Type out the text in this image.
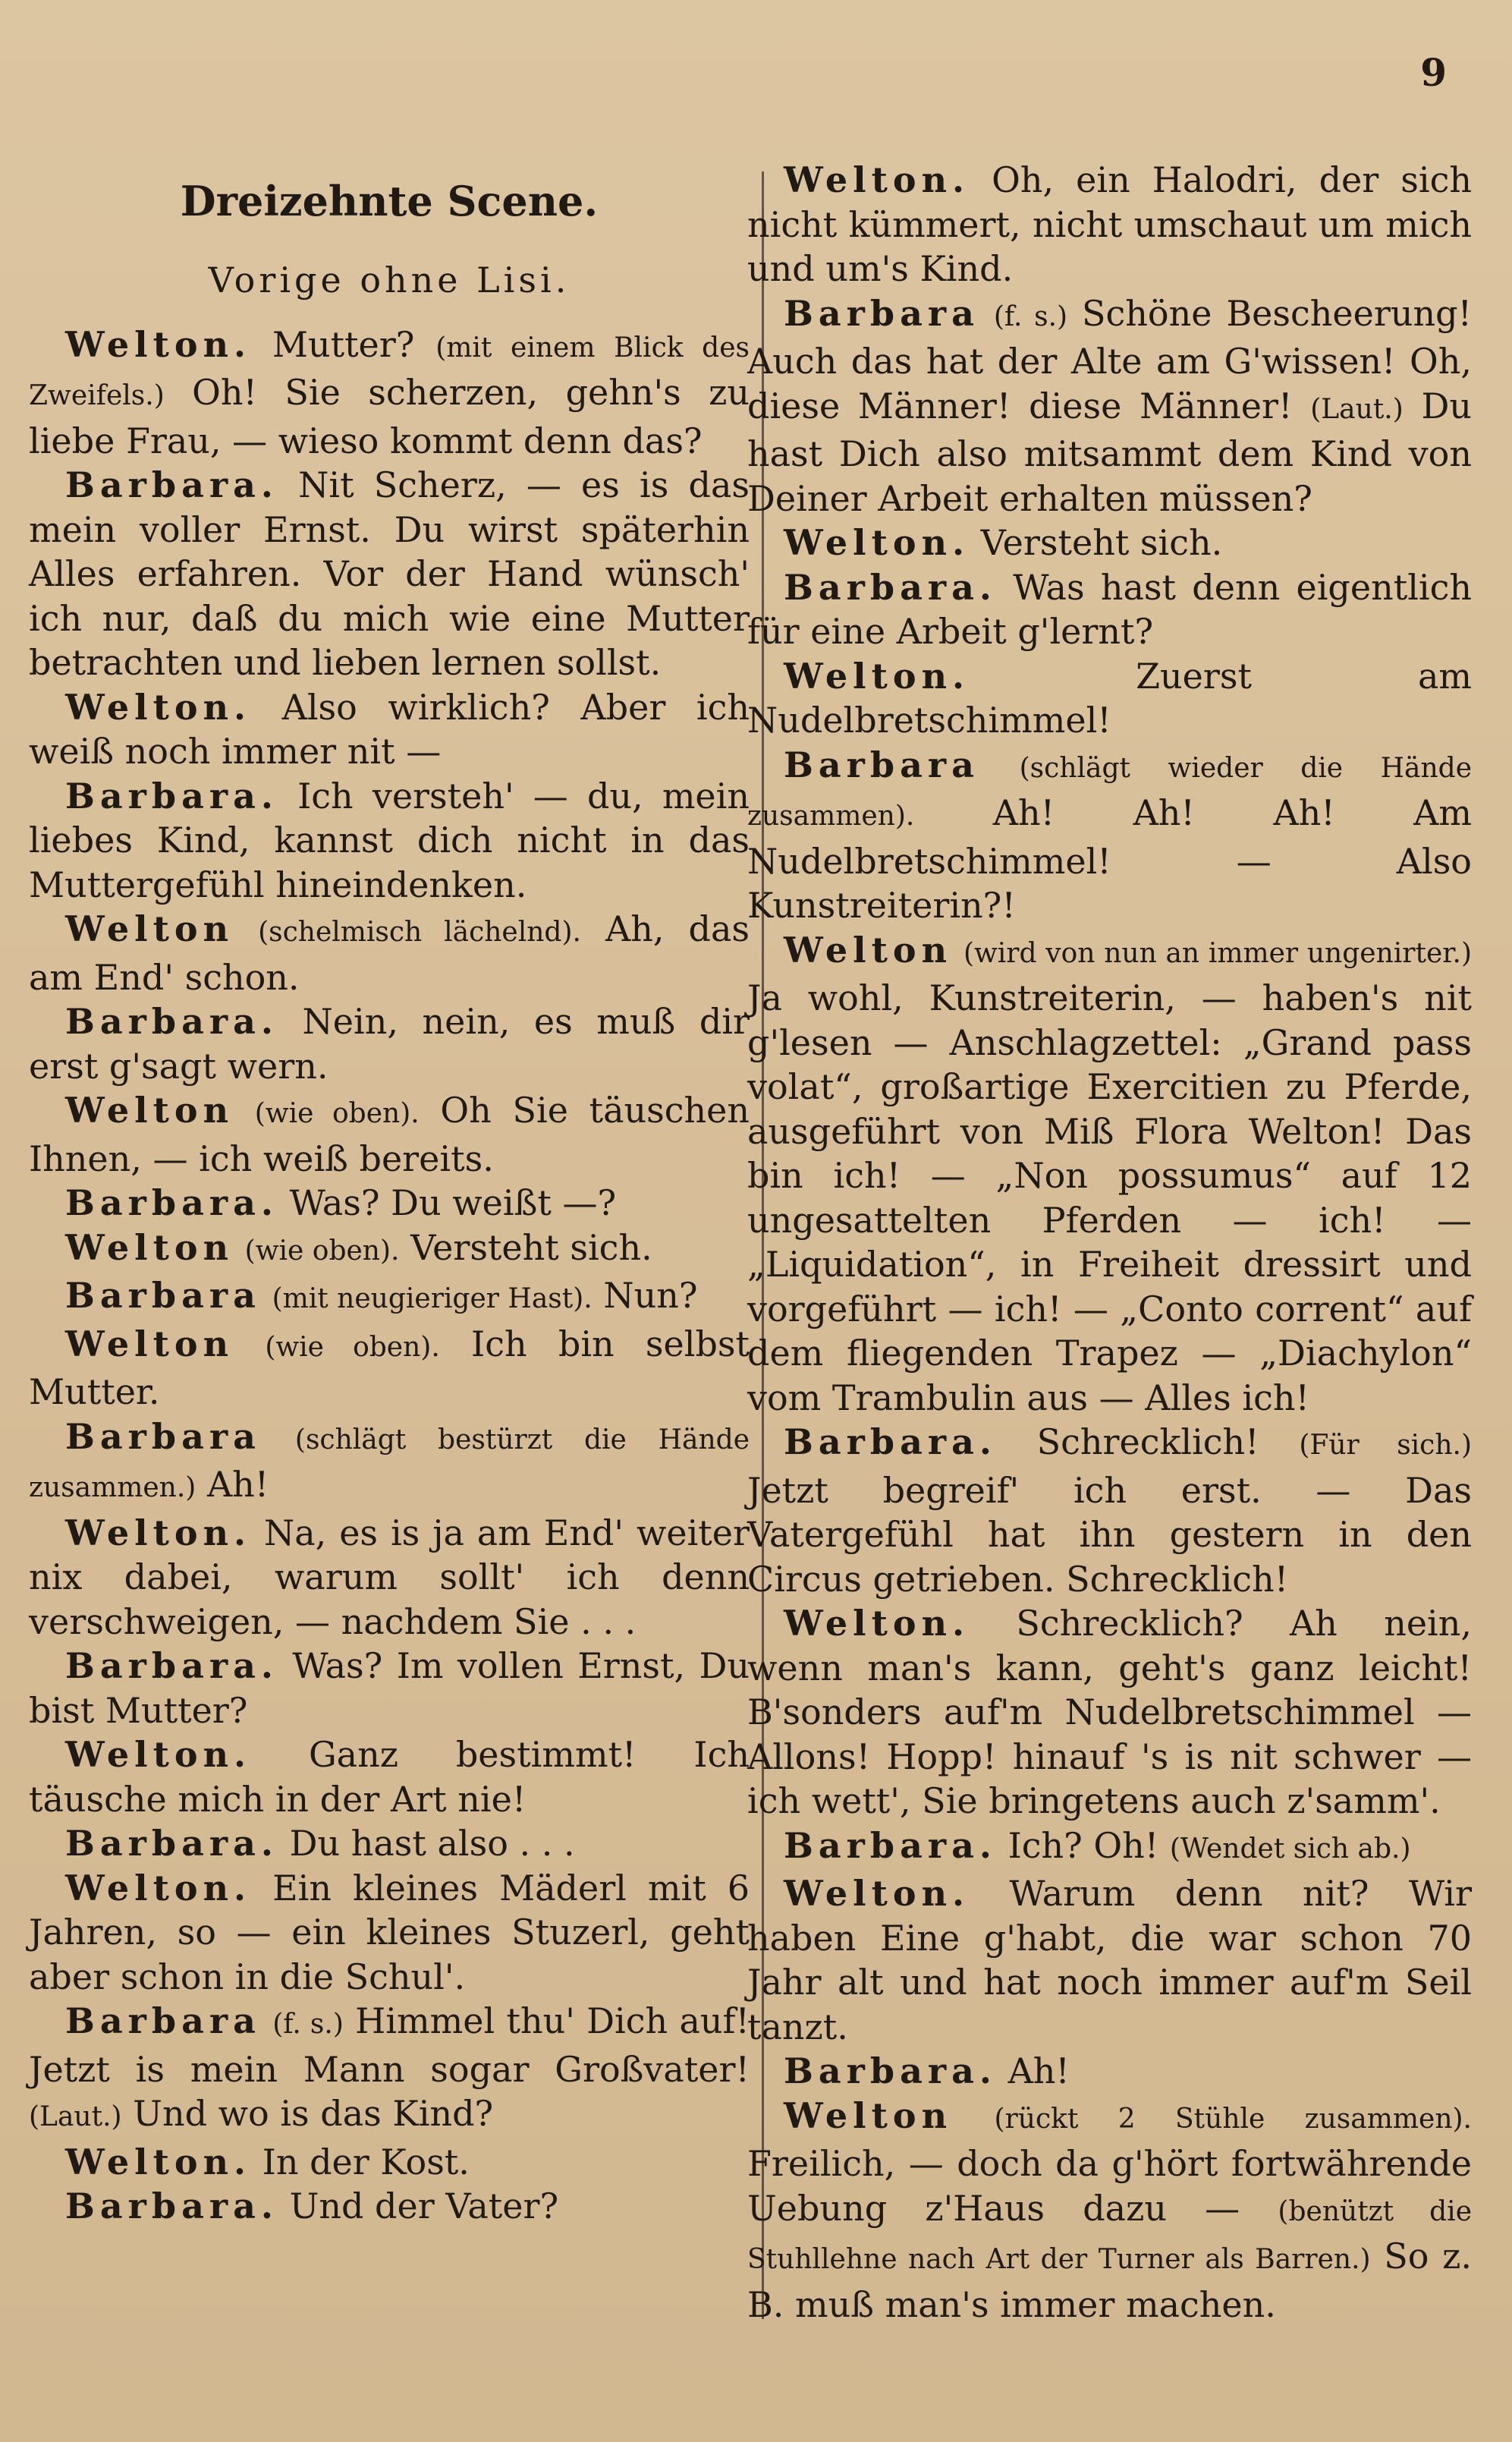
9
Dreizehnte Scene.
Vorige ohne Lisi.

Welton. Mutter? (mit einem Blick des Zweifels.) Oh! Sie scherzen, gehn's zu liebe Frau, — wieso kommt denn das?

Barbara. Nit Scherz, — es is das mein voller Ernst. Du wirst späterhin Alles erfahren. Vor der Hand wünsch' ich nur, daß du mich wie eine Mutter betrachten und lieben lernen sollst.

Welton. Also wirklich? Aber ich weiß noch immer nit —

Barbara. Ich versteh' — du, mein liebes Kind, kannst dich nicht in das Muttergefühl hineindenken.

Welton (schelmisch lächelnd). Ah, das am End' schon.

Barbara. Nein, nein, es muß dir erst g'sagt wern.

Welton (wie oben). Oh Sie täuschen Ihnen, — ich weiß bereits.

Barbara. Was? Du weißt —?

Welton (wie oben). Versteht sich.

Barbara (mit neugieriger Hast). Nun?

Welton (wie oben). Ich bin selbst Mutter.

Barbara (schlägt bestürzt die Hände zusammen.) Ah!

Welton. Na, es is ja am End' weiter nix dabei, warum sollt' ich denn verschweigen, — nachdem Sie . . .

Barbara. Was? Im vollen Ernst, Du bist Mutter?

Welton. Ganz bestimmt! Ich täusche mich in der Art nie!

Barbara. Du hast also . . .

Welton. Ein kleines Mäderl mit 6 Jahren, so — ein kleines Stuzerl, geht aber schon in die Schul'.

Barbara (f. s.) Himmel thu' Dich auf! Jetzt is mein Mann sogar Großvater! (Laut.) Und wo is das Kind?

Welton. In der Kost.

Barbara. Und der Vater?

Welton. Oh, ein Halodri, der sich nicht kümmert, nicht umschaut um mich und um's Kind.

Barbara (f. s.) Schöne Bescheerung! Auch das hat der Alte am G'wissen! Oh, diese Männer! diese Männer! (Laut.) Du hast Dich also mitsammt dem Kind von Deiner Arbeit erhalten müssen?

Welton. Versteht sich.

Barbara. Was hast denn eigentlich für eine Arbeit g'lernt?

Welton.	Zuerst am Nudelbretschimmel!

Barbara (schlägt wieder die Hände zusammen). Ah! Ah! Ah! Am Nudelbretschimmel! — Also Kunstreiterin?!

Welton (wird von nun an immer ungenirter.) Ja wohl, Kunstreiterin, — haben's nit g'lesen — Anschlagzettel: „Grand pass volat“, großartige Exercitien zu Pferde, ausgeführt von Miß Flora Welton! Das bin ich! — „Non possumus“ auf 12 ungesattelten Pferden — ich! — „Liquidation“, in Freiheit dressirt und vorgeführt — ich! — „Conto corrent“ auf dem fliegenden Trapez — „Diachylon“ vom Trambulin aus — Alles ich!

Barbara. Schrecklich! (Für sich.) Jetzt begreif' ich erst. — Das Vatergefühl hat ihn gestern in den Circus getrieben. Schrecklich!

Welton. Schrecklich? Ah nein, wenn man's kann, geht's ganz leicht! B'sonders auf'm Nudelbretschimmel — Allons! Hopp! hinauf 's is nit schwer — ich wett', Sie bringetens auch z'samm'.

Barbara. Ich? Oh! (Wendet sich ab.)

Welton. Warum denn nit? Wir haben Eine g'habt, die war schon 70 Jahr alt und hat noch immer auf'm Seil tanzt.

Barbara. Ah!

Welton (rückt 2 Stühle zusammen). Freilich, — doch da g'hört fortwährende Uebung z'Haus dazu — (benützt die Stuhllehne nach Art der Turner als Barren.) So z. B. muß man's immer machen.
